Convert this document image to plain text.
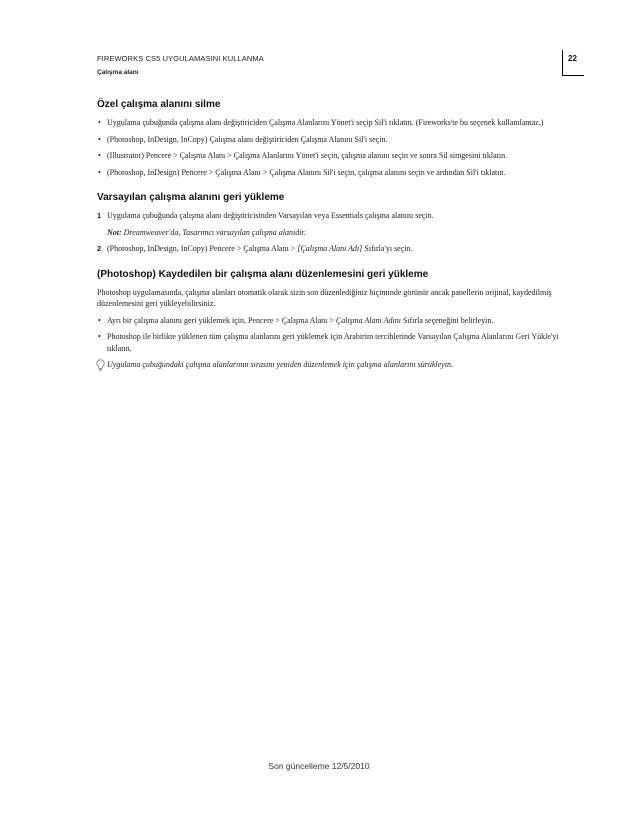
FIREWORKS CS5 UYGULAMASINI KULLANMA
Çalışma alanı
22
Özel çalışma alanını silme
• Uygulama çubuğunda çalışma alanı değiştiriciden Çalışma Alanlarını Yönet'i seçip Sil'i tıklatın. (Fireworks'te bu seçenek kullanılamaz.)
• (Photoshop, InDesign, InCopy) Çalışma alanı değiştiriciden Çalışma Alanını Sil'i seçin.
• (Illustrator) Pencere > Çalışma Alanı > Çalışma Alanlarını Yönet'i seçin, çalışma alanını seçin ve sonra Sil simgesini tıklatın.
• (Photoshop, InDesign) Pencere > Çalışma Alanı > Çalışma Alanını Sil'i seçin, çalışma alanını seçin ve ardından Sil'i tıklatın.
Varsayılan çalışma alanını geri yükleme
1 Uygulama çubuğunda çalışma alanı değiştiricisinden Varsayılan veya Essentials çalışma alanını seçin.
Not: Dreamweaver'da, Tasarımcı varsayılan çalışma alanıdır.
2 (Photoshop, InDesign, InCopy) Pencere > Çalışma Alanı > [Çalışma Alanı Adı] Sıfırla'yı seçin.
(Photoshop) Kaydedilen bir çalışma alanı düzenlemesini geri yükleme

Photoshop uygulamasında, çalışma alanları otomatik olarak sizin son düzenlediğiniz biçiminde görünür ancak panellerin orijinal, kaydedilmiş düzenlemesini geri yükleyebilirsiniz.

• Ayrı bir çalışma alanını geri yüklemek için, Pencere > Çalışma Alanı > Çalışma Alanı Adını Sıfırla seçeneğini belirleyin.
• Photoshop ile birlikte yüklenen tüm çalışma alanlarını geri yüklemek için Arabirim tercihlerinde Varsayılan Çalışma Alanlarını Geri Yükle'yi tıklatın.
Uygulama çubuğundaki çalışma alanlarının sırasını yeniden düzenlemek için çalışma alanlarını sürükleyin.
Son güncelleme 12/5/2010
